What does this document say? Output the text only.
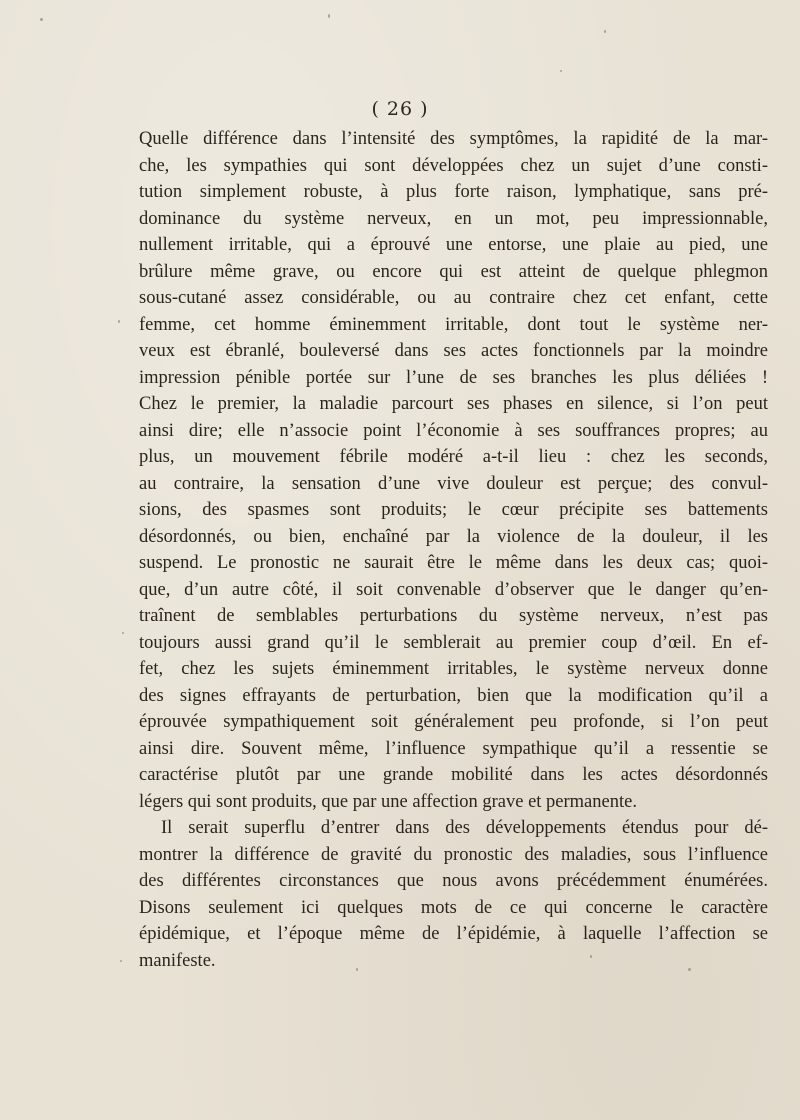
( 26 )
Quelle différence dans l’intensité des symptômes, la rapidité de la mar-
che, les sympathies qui sont développées chez un sujet d’une consti-
tution simplement robuste, à plus forte raison, lymphatique, sans pré-
dominance du système nerveux, en un mot, peu impressionnable,
nullement irritable, qui a éprouvé une entorse, une plaie au pied, une
brûlure même grave, ou encore qui est atteint de quelque phlegmon
sous-cutané assez considérable, ou au contraire chez cet enfant, cette
femme, cet homme éminemment irritable, dont tout le système ner-
veux est ébranlé, bouleversé dans ses actes fonctionnels par la moindre
impression pénible portée sur l’une de ses branches les plus déliées !
Chez le premier, la maladie parcourt ses phases en silence, si l’on peut
ainsi dire; elle n’associe point l’économie à ses souffrances propres; au
plus, un mouvement fébrile modéré a-t-il lieu : chez les seconds,
au contraire, la sensation d’une vive douleur est perçue; des convul-
sions, des spasmes sont produits; le cœur précipite ses battements
désordonnés, ou bien, enchaîné par la violence de la douleur, il les
suspend. Le pronostic ne saurait être le même dans les deux cas; quoi-
que, d’un autre côté, il soit convenable d’observer que le danger qu’en-
traînent de semblables perturbations du système nerveux, n’est pas
toujours aussi grand qu’il le semblerait au premier coup d’œil. En ef-
fet, chez les sujets éminemment irritables, le système nerveux donne
des signes effrayants de perturbation, bien que la modification qu’il a
éprouvée sympathiquement soit généralement peu profonde, si l’on peut
ainsi dire. Souvent même, l’influence sympathique qu’il a ressentie se
caractérise plutôt par une grande mobilité dans les actes désordonnés
légers qui sont produits, que par une affection grave et permanente.
Il serait superflu d’entrer dans des développements étendus pour dé-
montrer la différence de gravité du pronostic des maladies, sous l’influence
des différentes circonstances que nous avons précédemment énumérées.
Disons seulement ici quelques mots de ce qui concerne le caractère
épidémique, et l’époque même de l’épidémie, à laquelle l’affection se
manifeste.
